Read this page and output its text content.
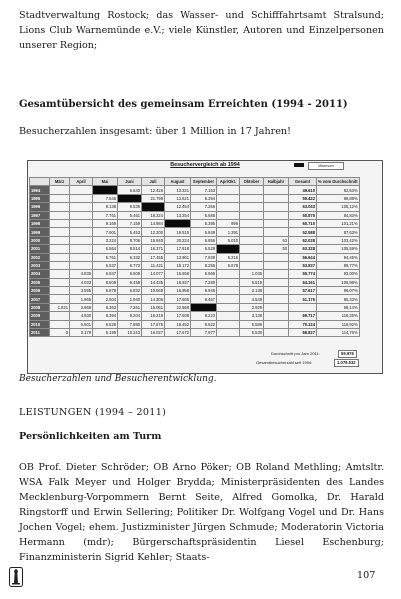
Stadtverwaltung Rostock; das Wasser- und Schifffahrtsamt Stralsund; Lions Club Warnemünde e.V.; viele Künstler, Autoren und Einzelpersonen unserer Region;
Gesamtübersicht des gemeinsam Erreichten (1994 - 2011)
Besucherzahlen insgesamt: über 1 Million in 17 Jahren!
Besuchervergleich ab 1994	Minimum
	März	April	Mai	Juni	Juli	August	September	Apr/Okt.	Oktober	Halbjahr	Gesamt	% vom Durchschnitt
1994				6.640	12.426	13.321	7.153				49.610	82,53%
1995			7.546		21.799	13.621	6.394				59.422	99,88%
1996			8.138	8.535		12.454	7.266				63.043	105,12%
1997			7.761	5.461	18.224	13.254	5.685				50.875	84,83%
1998			9.169	7.159	14.984		5.395	996			60.710	101,21%
1999			7.901	5.453	12.200	19.515	5.849	1.391			52.588	87,63%
2000			3.224	8.706	15.940	20.224	6.856	5.010		63	62.028	103,42%
2001			6.564	8.514	16.371	17.618	6.528			50	63.328	105,59%
2002			5.761	6.332	17.455	13.961	7.939	5.216			56.644	94,45%
2003			5.537	6.773	11.421	15.172	8.255	6.679			53.837	89,77%
2004		4.835	6.847	6.609	14.077	15.658	6.665		1.035		55.774	93,00%
2005		4.033	8.509	6.458	14.435	18.927	7.280		5.519		64.161	106,98%
2006		3.595	5.879	6.832	10.669	16.958	6.946		3.138		57.617	96,07%
2007		1.965	2.504	1.940	14.306	17.665	8.467		4.549		51.176	85,33%
2008	1.821	2.868	8.363	7.261	15.051	22.868			2.929			69,14%
2009		4.930	8.394	9.204	18.219	17.608	8.223		3.138		69.717	116,25%
2010		5.501	6.528	7.880	17.675	18.452	8.522		5.586		70.124	116,92%
2011	0	3.179	5.199	10.243	16.027	17.672	7.977		5.530		68.827	114,76%
Durchschnitt pro Jahr 2011:	59.976
Gesamtbesucherzahl seit 1994:	1.079.532
Besucherzahlen und Besucherentwicklung.
LEISTUNGEN (1994 – 2011)
Persönlichkeiten am Turm
OB Prof. Dieter Schröder; OB Arno Pöker; OB Roland Methling; Amtsltr. WSA Falk Meyer und Holger Brydda; Ministerpräsidenten des Landes Mecklenburg-Vorpommern Bernt Seite, Alfred Gomolka, Dr. Harald Ringstorff und Erwin Sellering; Politiker Dr. Wolfgang Vogel und Dr. Hans Jochen Vogel; ehem. Justizminister Jürgen Schmude; Moderatorin Victoria Hermann (mdr); Bürgerschaftspräsidentin Liesel Eschenburg; Finanzministerin Sigrid Kehler; Staats-
107
